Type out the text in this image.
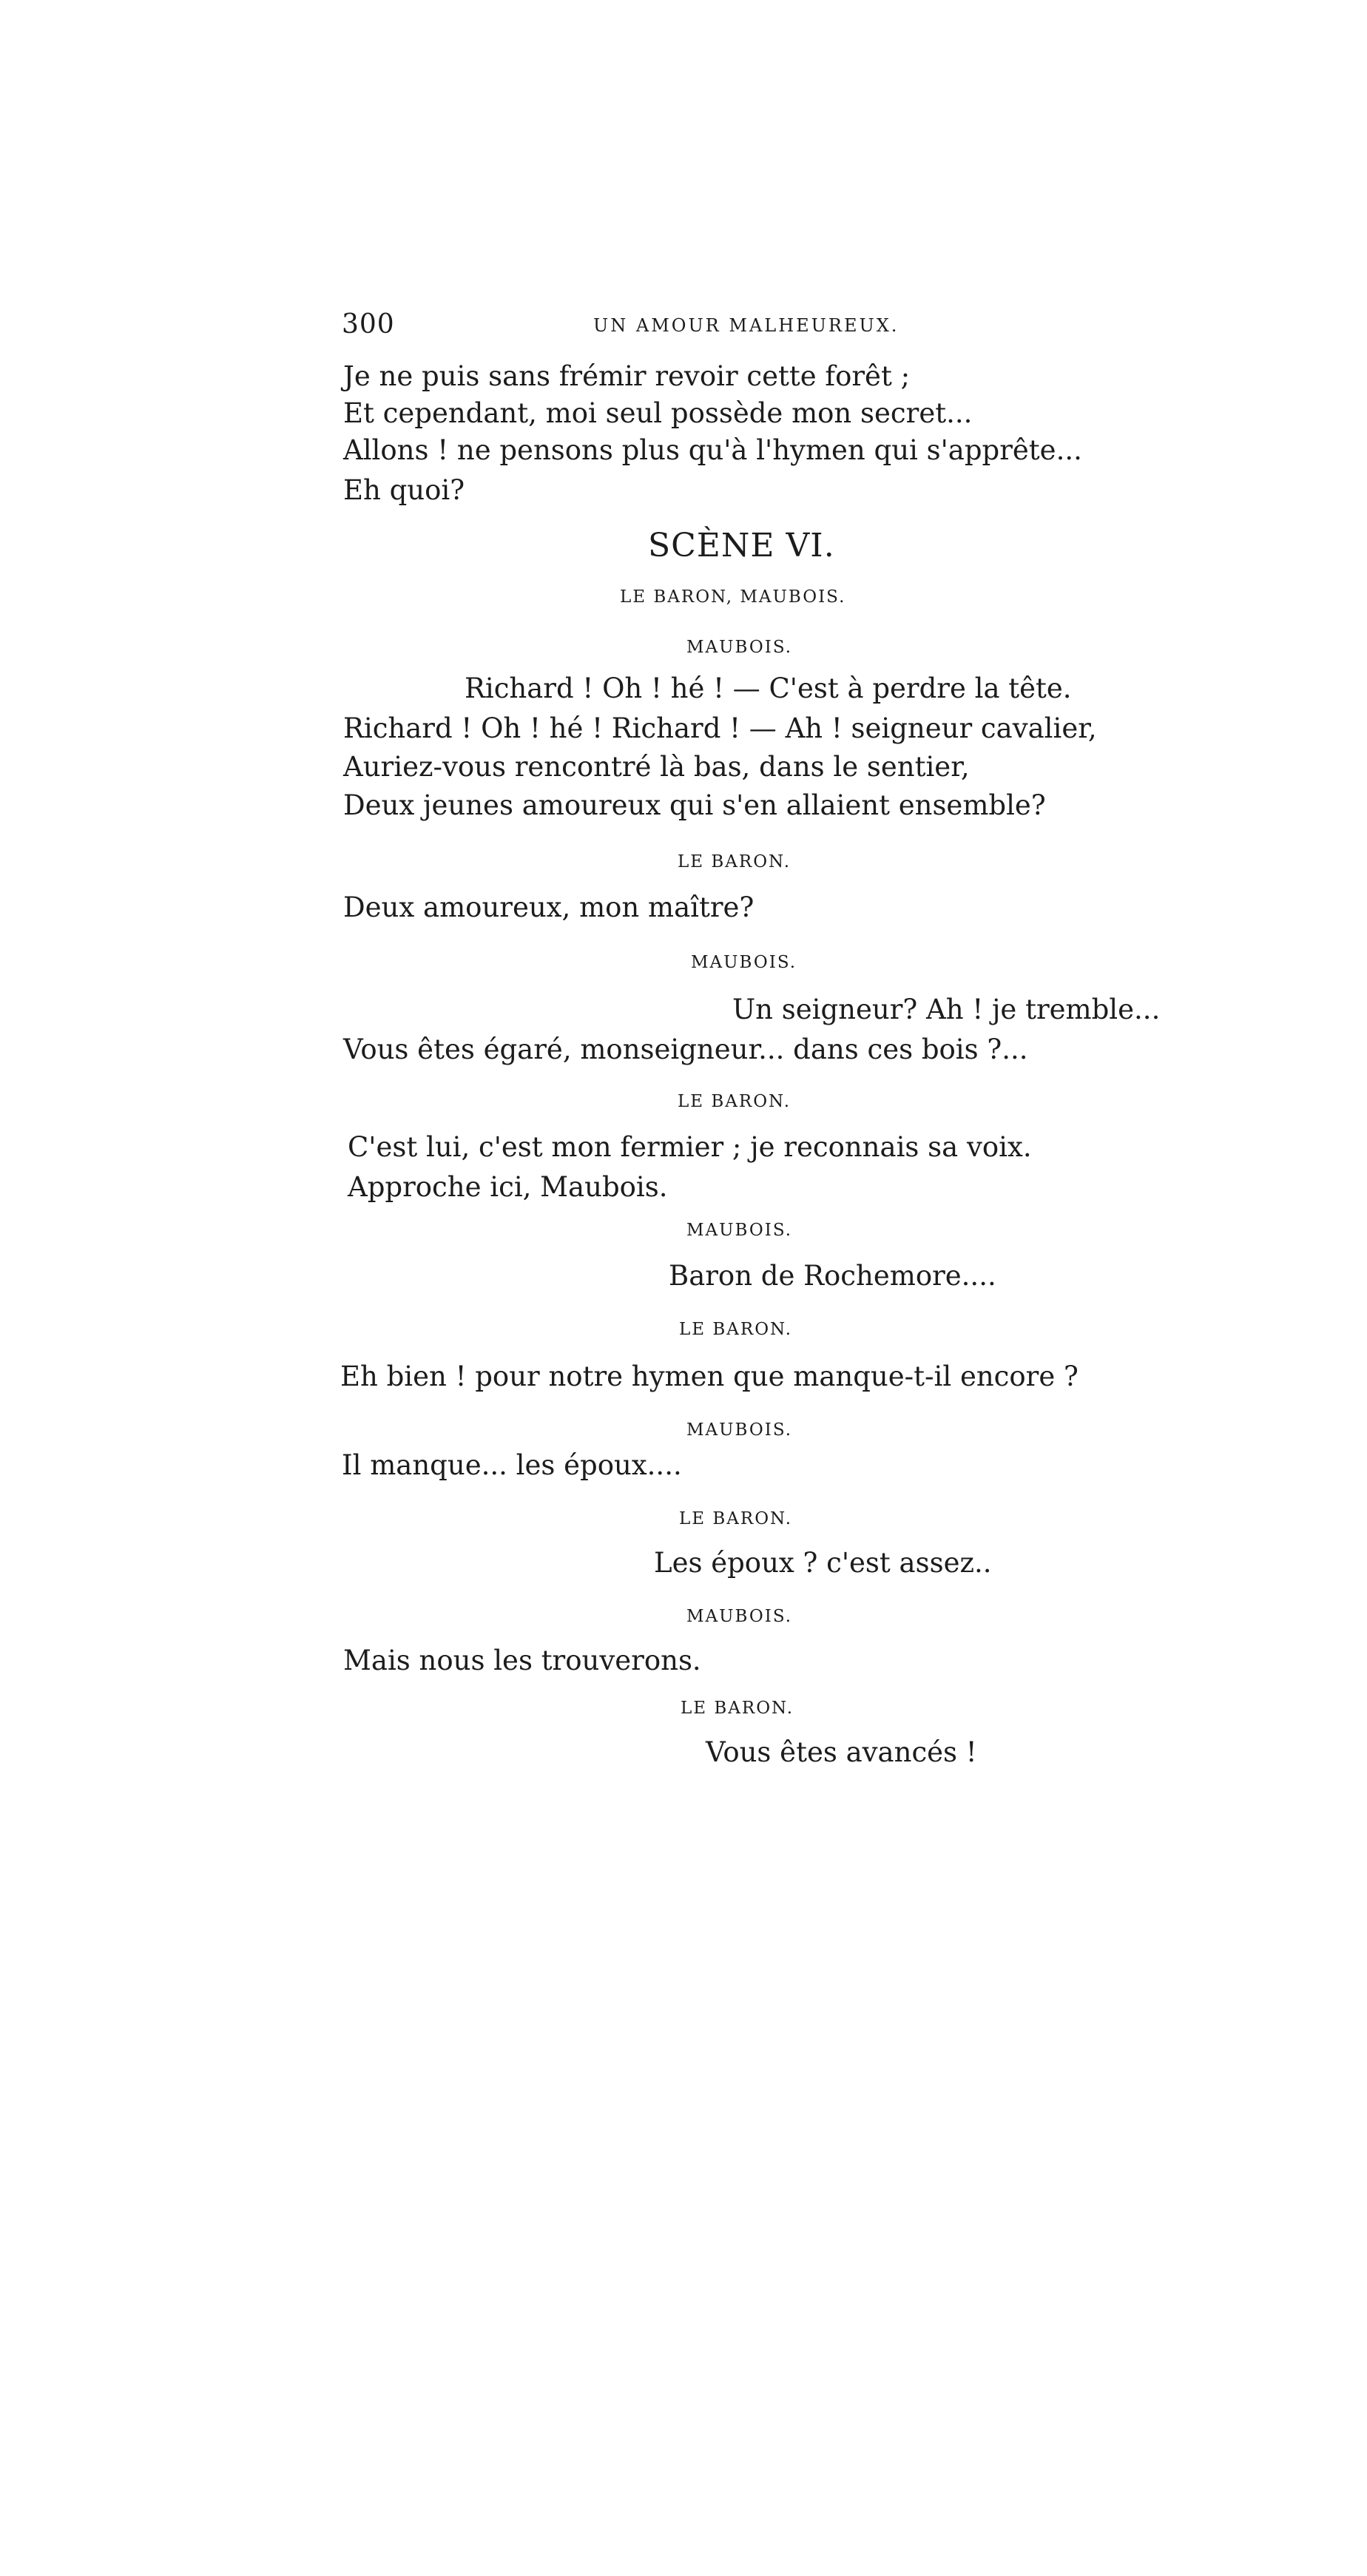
300	UN AMOUR MALHEUREUX.
Je ne puis sans frémir revoir cette forêt ;
Et cependant, moi seul possède mon secret...
Allons ! ne pensons plus qu'à l'hymen qui s'apprête...
Eh quoi?
SCÈNE VI.
LE BARON, MAUBOIS.
MAUBOIS.
Richard ! Oh ! hé ! — C'est à perdre la tête.
Richard ! Oh ! hé ! Richard ! — Ah ! seigneur cavalier,
Auriez-vous rencontré là bas, dans le sentier,
Deux jeunes amoureux qui s'en allaient ensemble?
LE BARON.
Deux amoureux, mon maître?
MAUBOIS.
Un seigneur? Ah ! je tremble...
Vous êtes égaré, monseigneur... dans ces bois ?...
LE BARON.
C'est lui, c'est mon fermier ; je reconnais sa voix.
Approche ici, Maubois.
MAUBOIS.
Baron de Rochemore....
LE BARON.
Eh bien ! pour notre hymen que manque-t-il encore ?
MAUBOIS.
Il manque... les époux....
LE BARON.
Les époux ? c'est assez..
MAUBOIS.
Mais nous les trouverons.
LE BARON.
Vous êtes avancés !
